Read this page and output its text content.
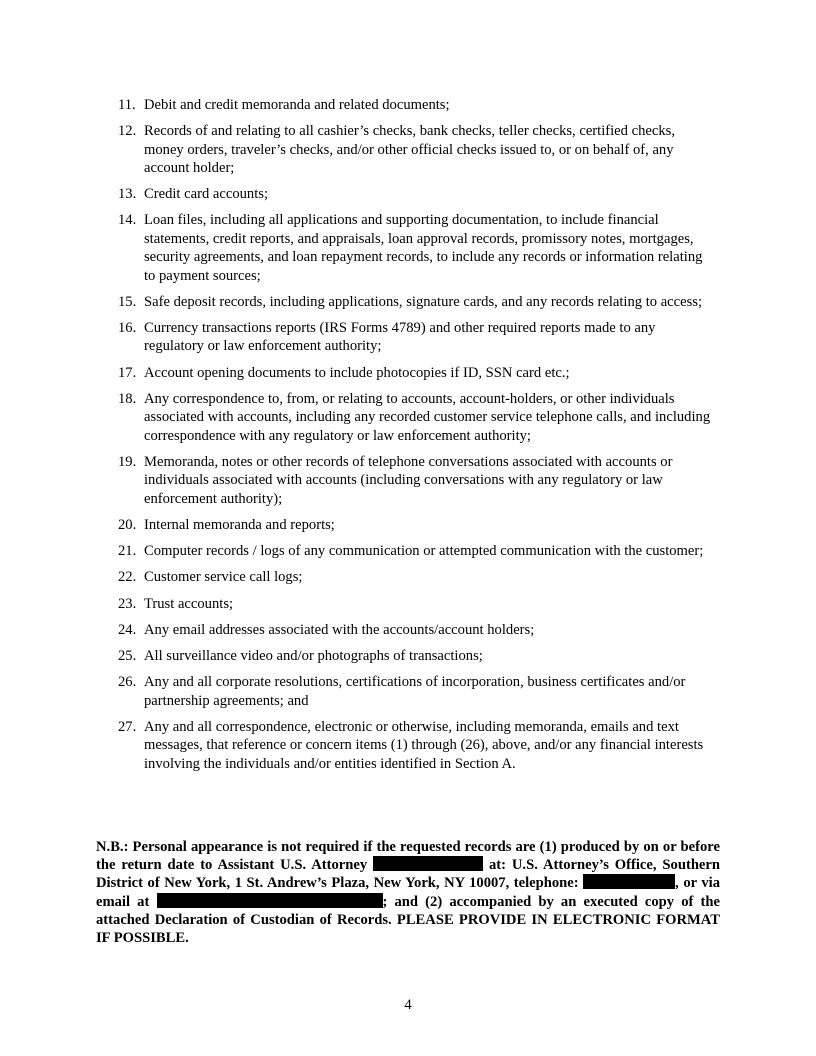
11. Debit and credit memoranda and related documents;
12. Records of and relating to all cashier’s checks, bank checks, teller checks, certified checks, money orders, traveler’s checks, and/or other official checks issued to, or on behalf of, any account holder;
13. Credit card accounts;
14. Loan files, including all applications and supporting documentation, to include financial statements, credit reports, and appraisals, loan approval records, promissory notes, mortgages, security agreements, and loan repayment records, to include any records or information relating to payment sources;
15. Safe deposit records, including applications, signature cards, and any records relating to access;
16. Currency transactions reports (IRS Forms 4789) and other required reports made to any regulatory or law enforcement authority;
17. Account opening documents to include photocopies if ID, SSN card etc.;
18. Any correspondence to, from, or relating to accounts, account-holders, or other individuals associated with accounts, including any recorded customer service telephone calls, and including correspondence with any regulatory or law enforcement authority;
19. Memoranda, notes or other records of telephone conversations associated with accounts or individuals associated with accounts (including conversations with any regulatory or law enforcement authority);
20. Internal memoranda and reports;
21. Computer records / logs of any communication or attempted communication with the customer;
22. Customer service call logs;
23. Trust accounts;
24. Any email addresses associated with the accounts/account holders;
25. All surveillance video and/or photographs of transactions;
26. Any and all corporate resolutions, certifications of incorporation, business certificates and/or partnership agreements; and
27. Any and all correspondence, electronic or otherwise, including memoranda, emails and text messages, that reference or concern items (1) through (26), above, and/or any financial interests involving the individuals and/or entities identified in Section A.
N.B.: Personal appearance is not required if the requested records are (1) produced by on or before the return date to Assistant U.S. Attorney	at: U.S. Attorney’s Office, Southern District of New York, 1 St. Andrew’s Plaza, New York, NY 10007, telephone:	, or via email at	; and (2) accompanied by an executed copy of the attached Declaration of Custodian of Records. PLEASE PROVIDE IN ELECTRONIC FORMAT IF POSSIBLE.
4
